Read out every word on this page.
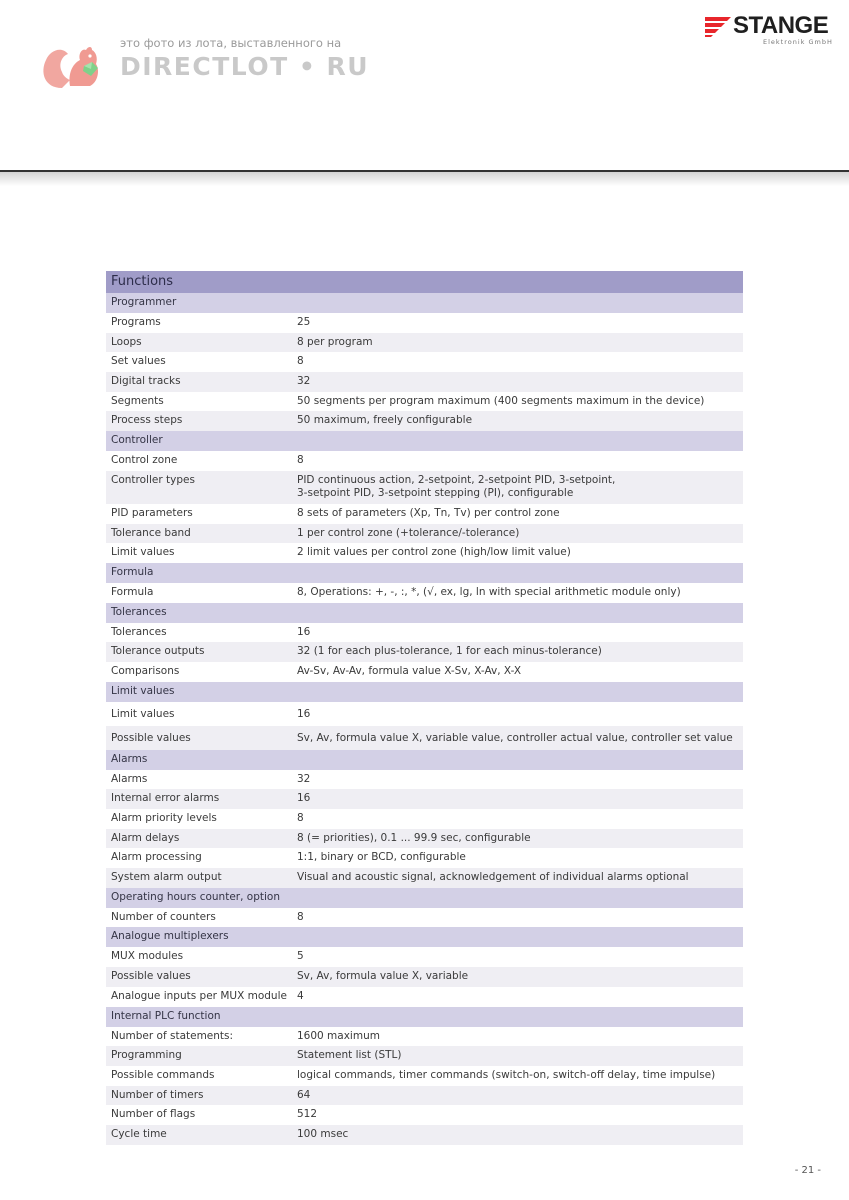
это фото из лота, выставленного на
DIRECTLOT • RU
STANGE
Elektronik GmbH
Functions
Programmer
Programs	25
Loops	8 per program
Set values	8
Digital tracks	32
Segments	50 segments per program maximum (400 segments maximum in the device)
Process steps	50 maximum, freely configurable
Controller
Control zone	8
Controller types	PID continuous action, 2-setpoint, 2-setpoint PID, 3-setpoint,
3-setpoint PID, 3-setpoint stepping (PI), configurable
PID parameters	8 sets of parameters (Xp, Tn, Tv) per control zone
Tolerance band	1 per control zone (+tolerance/-tolerance)
Limit values	2 limit values per control zone (high/low limit value)
Formula
Formula	8, Operations: +, -, :, *, (√, ex, lg, ln with special arithmetic module only)
Tolerances
Tolerances	16
Tolerance outputs	32 (1 for each plus-tolerance, 1 for each minus-tolerance)
Comparisons	Av-Sv, Av-Av, formula value X-Sv, X-Av, X-X
Limit values
Limit values	16
Possible values	Sv, Av, formula value X, variable value, controller actual value, controller set value
Alarms
Alarms	32
Internal error alarms	16
Alarm priority levels	8
Alarm delays	8 (= priorities), 0.1 ... 99.9 sec, configurable
Alarm processing	1:1, binary or BCD, configurable
System alarm output	Visual and acoustic signal, acknowledgement of individual alarms optional
Operating hours counter, option
Number of counters	8
Analogue multiplexers
MUX modules	5
Possible values	Sv, Av, formula value X, variable
Analogue inputs per MUX module 4
Internal PLC function
Number of statements:	1600 maximum
Programming	Statement list (STL)
Possible commands	logical commands, timer commands (switch-on, switch-off delay, time impulse)
Number of timers	64
Number of flags	512
Cycle time	100 msec
- 21 -
